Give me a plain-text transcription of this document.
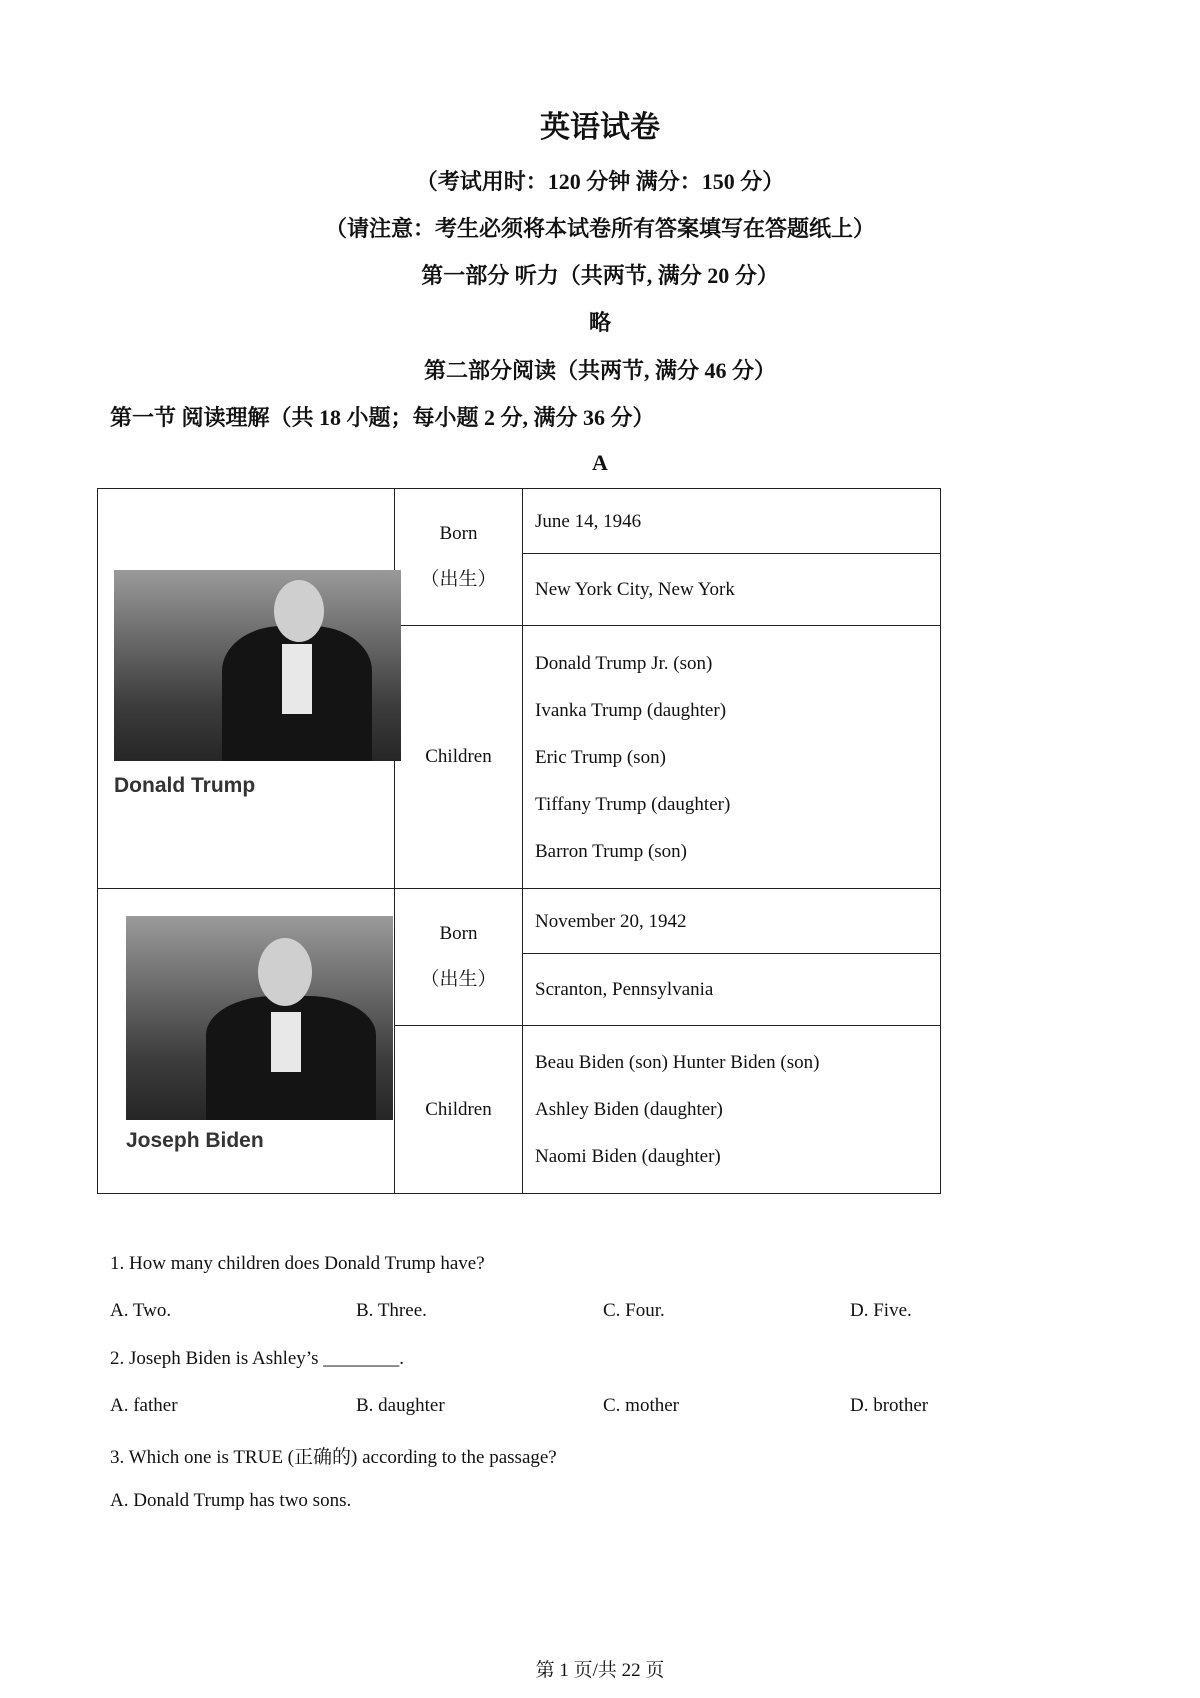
英语试卷
（考试用时：120 分钟 满分：150 分）
（请注意：考生必须将本试卷所有答案填写在答题纸上）
第一部分 听力（共两节, 满分 20 分）
略
第二部分阅读（共两节, 满分 46 分）
第一节 阅读理解（共 18 小题；每小题 2 分, 满分 36 分）
A
Donald Trump	Born
（出生）	June 14, 1946
		New York City, New York
	Children	Donald Trump Jr. (son)
Ivanka Trump (daughter)
Eric Trump (son)
Tiffany Trump (daughter)
Barron Trump (son)

Joseph Biden	Born
（出生）	November 20, 1942
		Scranton, Pennsylvania
	Children	Beau Biden (son) Hunter Biden (son)
Ashley Biden (daughter)
Naomi Biden (daughter)
1. How many children does Donald Trump have?
A. Two.	B. Three.	C. Four.	D. Five.
2. Joseph Biden is Ashley’s ________.
A. father	B. daughter	C. mother	D. brother
3. Which one is TRUE (正确的) according to the passage?
A. Donald Trump has two sons.
第 1 页/共 22 页
